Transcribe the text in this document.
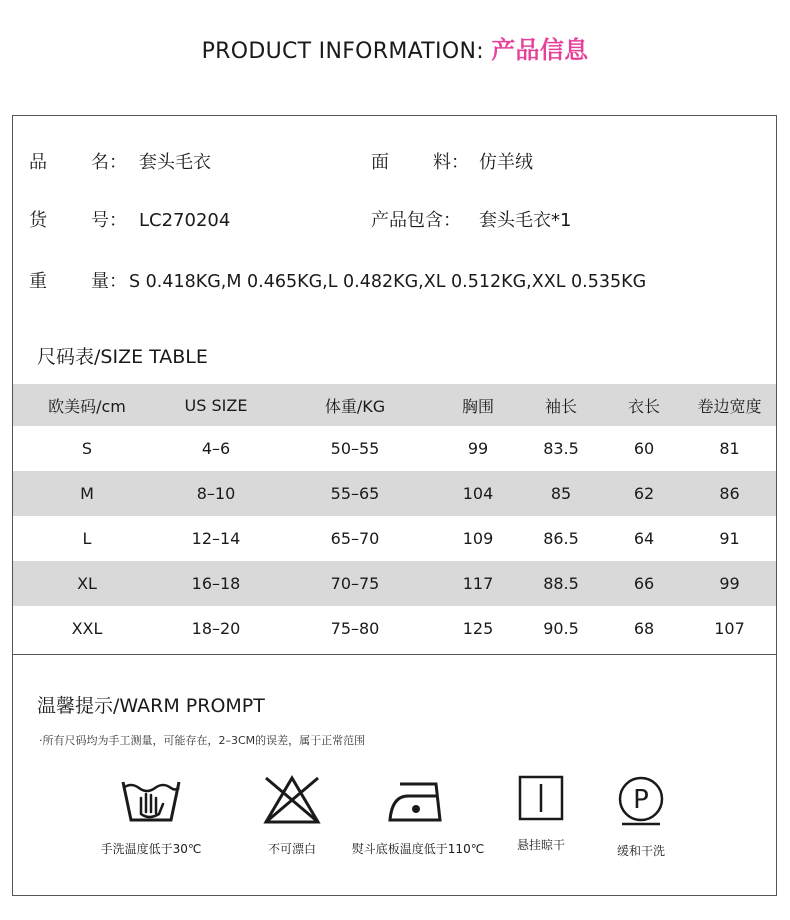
PRODUCT INFORMATION: 产品信息
品 名： 套头毛衣	面 料： 仿羊绒
货 号： LC270204	产品包含： 套头毛衣*1
重 量： S 0.418KG,M 0.465KG,L 0.482KG,XL 0.512KG,XXL 0.535KG
尺码表/SIZE TABLE
欧美码/cm	US SIZE	体重/KG	胸围	袖长	衣长	卷边宽度
S	4–6	50–55	99	83.5	60	81
M	8–10	55–65	104	85	62	86
L	12–14	65–70	109	86.5	64	91
XL	16–18	70–75	117	88.5	66	99
XXL	18–20	75–80	125	90.5	68	107
温馨提示/WARM PROMPT
·所有尺码均为手工测量，可能存在，2–3CM的误差，属于正常范围
手洗温度低于30℃	不可漂白	熨斗底板温度低于110℃	悬挂晾干
P
缓和干洗
